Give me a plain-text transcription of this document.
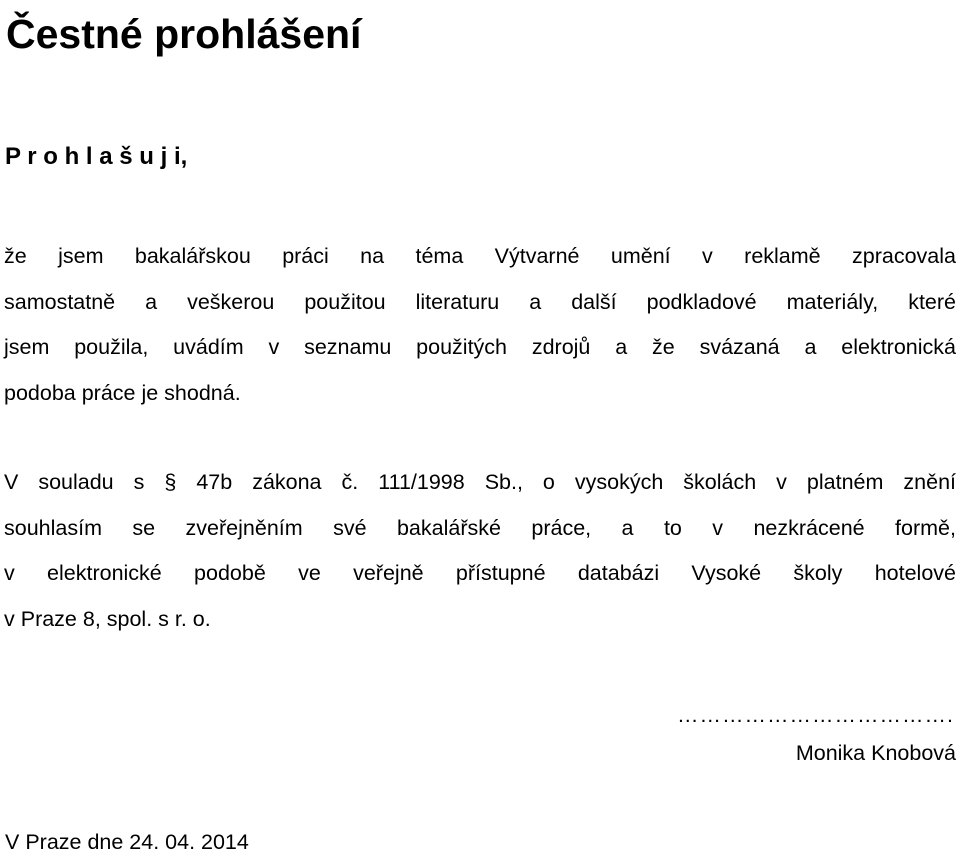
Čestné prohlášení
P r o h l a š u j i,
že jsem bakalářskou práci na téma Výtvarné umění v reklamě zpracovala
samostatně a veškerou použitou literaturu a další podkladové materiály, které
jsem použila, uvádím v seznamu použitých zdrojů a že svázaná a elektronická
podoba práce je shodná.
V souladu s § 47b zákona č. 111/1998 Sb., o vysokých školách v platném znění
souhlasím se zveřejněním své bakalářské práce, a to v nezkrácené formě,
v elektronické podobě ve veřejně přístupné databázi Vysoké školy hotelové
v Praze 8, spol. s r. o.
……………………………….
Monika Knobová
V Praze dne 24. 04. 2014
